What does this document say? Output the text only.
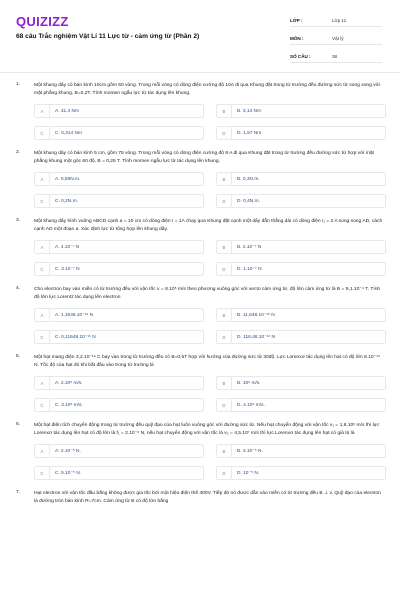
QUIZIZZ
68 câu Trắc nghiệm Vật Lí 11 Lực từ - cảm ứng từ (Phần 2)
LỚP :	Lớp 11
MÔN :	Vật lý
SỐ CÂU :	38
1.	Một khung dây có bán kính 10cm gồm 50 vòng. Trong mỗi vòng có dòng điện cường độ 10A đi qua Khung đặt trong từ trường đều đường sức từ song song với mặt phẳng khung, B=0,2T. Tính momen ngẫu lực từ tác dụng lên khung.
A	A. 31,4 Nm	B	B. 3,14 Nm
C	C. 0,314 Nm	D	D. 1,57 Nm
2.	Một khung dây có bán kính 5 cm, gồm 75 vòng. Trong mỗi vòng có dòng điện cường độ 8 A đi qua Khung đặt trong từ trường đều đường sức từ hợp với mặt phẳng khung một góc 60 độ, B = 0,25 T. Tính momen ngẫu lực từ tác dụng lên khung.
A	A. 0,59N.m.	B	B. 0,3N.m.
C	C. 0,2N.m.	D	D. 0,4N.m.
3.	Một khung dây hình vuông ABCD cạnh a = 10 cm có dòng điện I = 1A chạy qua Khung đặt cạnh một dây dẫn thẳng dài có dòng điện I₁ = 2 A song song AD, cách cạnh AD một đoạn a. Xác định lực từ tổng hợp lên khung dây.
A	A. 4.10⁻⁷ N	B	B. 2.10⁻⁷ N
C	C. 3.10⁻⁷ N	D	D. 1.10⁻⁷ N
4.	Cho electron bay vào miền có từ trường đều với vận tốc v = 8.10⁵ m/s theo phương vuông góc với vecto cảm ứng từ, độ lớn cảm ứng từ là B = 9,1.10⁻⁴ T. Tính độ lớn lực Lorentz tác dụng lên electron
A	A. 1,1648.10⁻¹⁶ N	B	B. 11,648.10⁻¹⁶ N
C	C. 0,11648.10⁻¹⁶ N	D	D. 116,48.10⁻¹⁶ N
5.	Một hạt mang điện 3,2.10⁻¹⁹ C bay vào trong từ trường đều có B=0,5T hợp với hướng của đường sức từ 30độ. Lực Lorenxơ tác dụng lên hạt có độ lớn 8.10⁻¹⁴ N. Tốc độ của hạt đó khi bắt đầu vào trong từ trường là
A	A. 2.10⁶ m/s.	B	B. 10⁶ m/s.
C	C. 3.10⁶ m/s.	D	D. 4.10⁶ m/s.
6.	Một hạt điện tích chuyển động trong từ trường đều quỹ đạo của hạt luôn vuông góc với đường sức từ. Nếu hạt chuyển động với vận tốc v₁ = 1,8.10⁶ m/s thì lực Lorenxơ tác dụng lên hạt có độ lớn là f₁ = 2.10⁻⁶ N, nếu hạt chuyển động với vận tốc là v₂ = 4,5.10⁷ m/s thì lực Lorenxơ tác dụng lên hạt có giá trị là
A	A. 2.10⁻⁵ N.	B	B. 3.10⁻⁵ N.
C	C. 5.10⁻⁵ N.	D	D. 10⁻⁵ N.
7.	Hạt electron với vận tốc đầu bằng không được gia tốc bởi một hiệu điện thế 400V. Tiếp đó nó được dẫn vào miền có từ trường đều B ⊥ v. Quỹ đạo của electron là đường tròn bán kính R=7cm. Cảm ứng từ B có độ lớn bằng
